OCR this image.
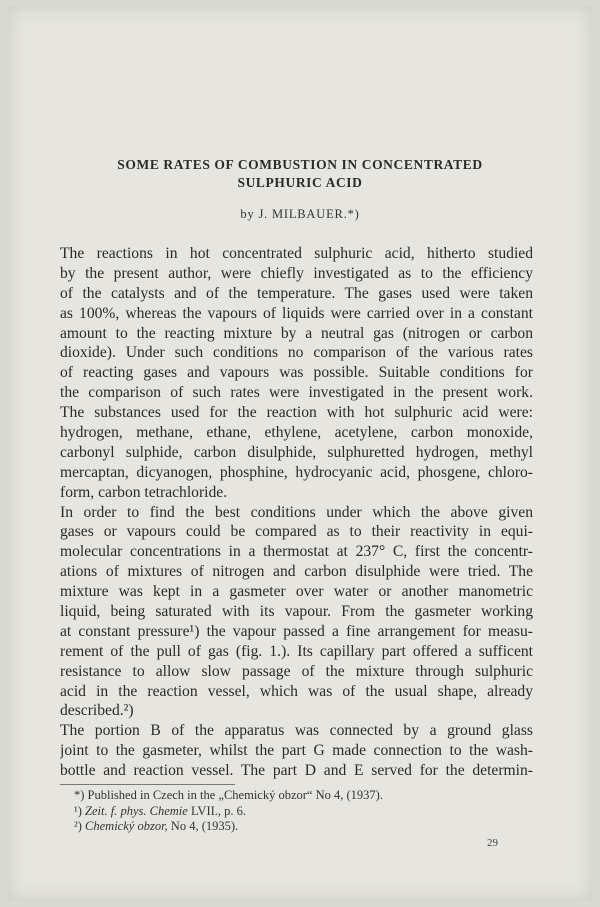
SOME RATES OF COMBUSTION IN CONCENTRATED
SULPHURIC ACID
by J. MILBAUER.*)
The reactions in hot concentrated sulphuric acid, hitherto studied
by the present author, were chiefly investigated as to the efficiency
of the catalysts and of the temperature. The gases used were taken
as 100%, whereas the vapours of liquids were carried over in a constant
amount to the reacting mixture by a neutral gas (nitrogen or carbon
dioxide). Under such conditions no comparison of the various rates
of reacting gases and vapours was possible. Suitable conditions for
the comparison of such rates were investigated in the present work.
The substances used for the reaction with hot sulphuric acid were:
hydrogen, methane, ethane, ethylene, acetylene, carbon monoxide,
carbonyl sulphide, carbon disulphide, sulphuretted hydrogen, methyl
mercaptan, dicyanogen, phosphine, hydrocyanic acid, phosgene, chloro-
form, carbon tetrachloride.
In order to find the best conditions under which the above given
gases or vapours could be compared as to their reactivity in equi-
molecular concentrations in a thermostat at 237° C, first the concentr-
ations of mixtures of nitrogen and carbon disulphide were tried. The
mixture was kept in a gasmeter over water or another manometric
liquid, being saturated with its vapour. From the gasmeter working
at constant pressure¹) the vapour passed a fine arrangement for measu-
rement of the pull of gas (fig. 1.). Its capillary part offered a sufficent
resistance to allow slow passage of the mixture through sulphuric
acid in the reaction vessel, which was of the usual shape, already
described.²)
The portion B of the apparatus was connected by a ground glass
joint to the gasmeter, whilst the part G made connection to the wash-
bottle and reaction vessel. The part D and E served for the determin-
*) Published in Czech in the „Chemický obzor“ No 4, (1937).
¹) Zeit. f. phys. Chemie LVII., p. 6.
²) Chemický obzor, No 4, (1935).
29
